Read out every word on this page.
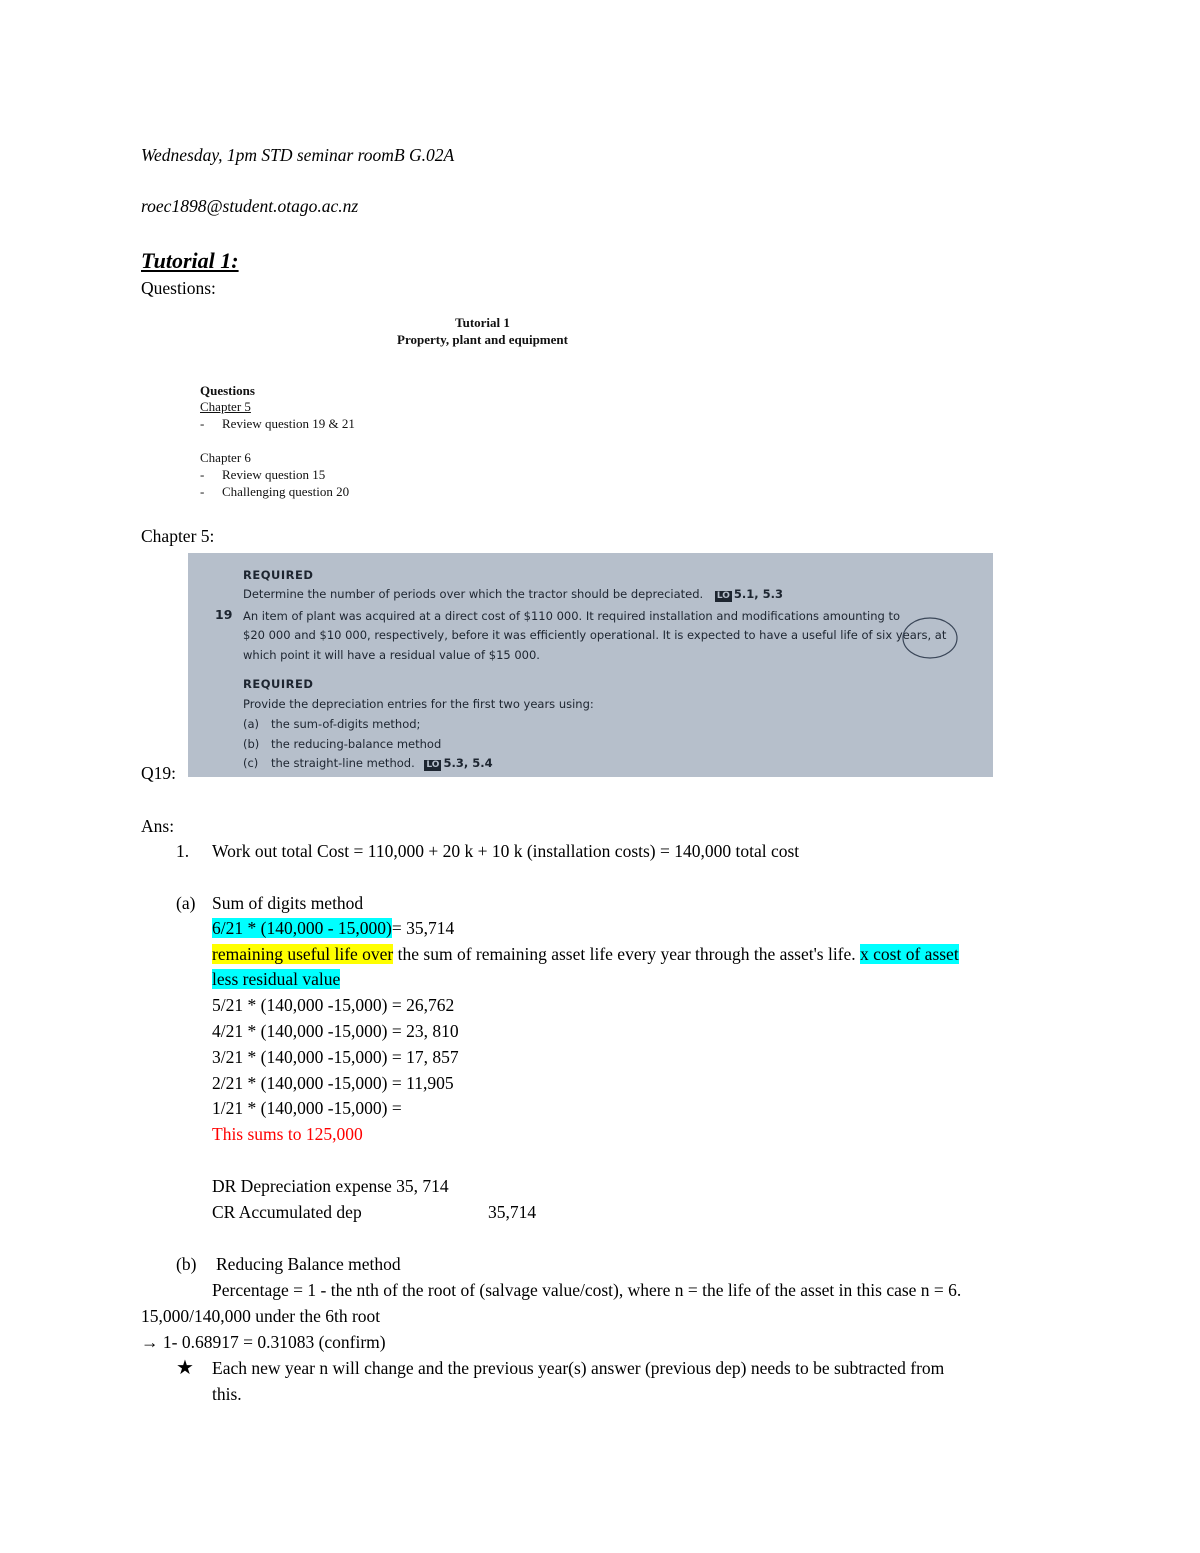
Wednesday, 1pm STD seminar roomB G.02A
roec1898@student.otago.ac.nz
Tutorial 1:
Questions:
Tutorial 1
Property, plant and equipment
Questions
Chapter 5
- Review question 19 & 21
Chapter 6
- Review question 15
- Challenging question 20
Chapter 5:
REQUIRED
Determine the number of periods over which the tractor should be depreciated. LO 5.1, 5.3
19 An item of plant was acquired at a direct cost of $110 000. It required installation and modifications amounting to
$20 000 and $10 000, respectively, before it was efficiently operational. It is expected to have a useful life of six years, at
which point it will have a residual value of $15 000.
REQUIRED
Provide the depreciation entries for the first two years using:
(a) the sum-of-digits method;
(b) the reducing-balance method
(c) the straight-line method. LO 5.3, 5.4
Q19:
Ans:
1. Work out total Cost = 110,000 + 20 k + 10 k (installation costs) = 140,000 total cost
(a) Sum of digits method
6/21 * (140,000 - 15,000)= 35,714
remaining useful life over the sum of remaining asset life every year through the asset's life. x cost of asset
less residual value
5/21 * (140,000 -15,000) = 26,762
4/21 * (140,000 -15,000) = 23, 810
3/21 * (140,000 -15,000) = 17, 857
2/21 * (140,000 -15,000) = 11,905
1/21 * (140,000 -15,000) =
This sums to 125,000
DR Depreciation expense 35, 714
CR Accumulated dep	35,714
(b) Reducing Balance method
Percentage = 1 - the nth of the root of (salvage value/cost), where n = the life of the asset in this case n = 6.
15,000/140,000 under the 6th root
→ 1- 0.68917 = 0.31083 (confirm)
★ Each new year n will change and the previous year(s) answer (previous dep) needs to be subtracted from
this.
